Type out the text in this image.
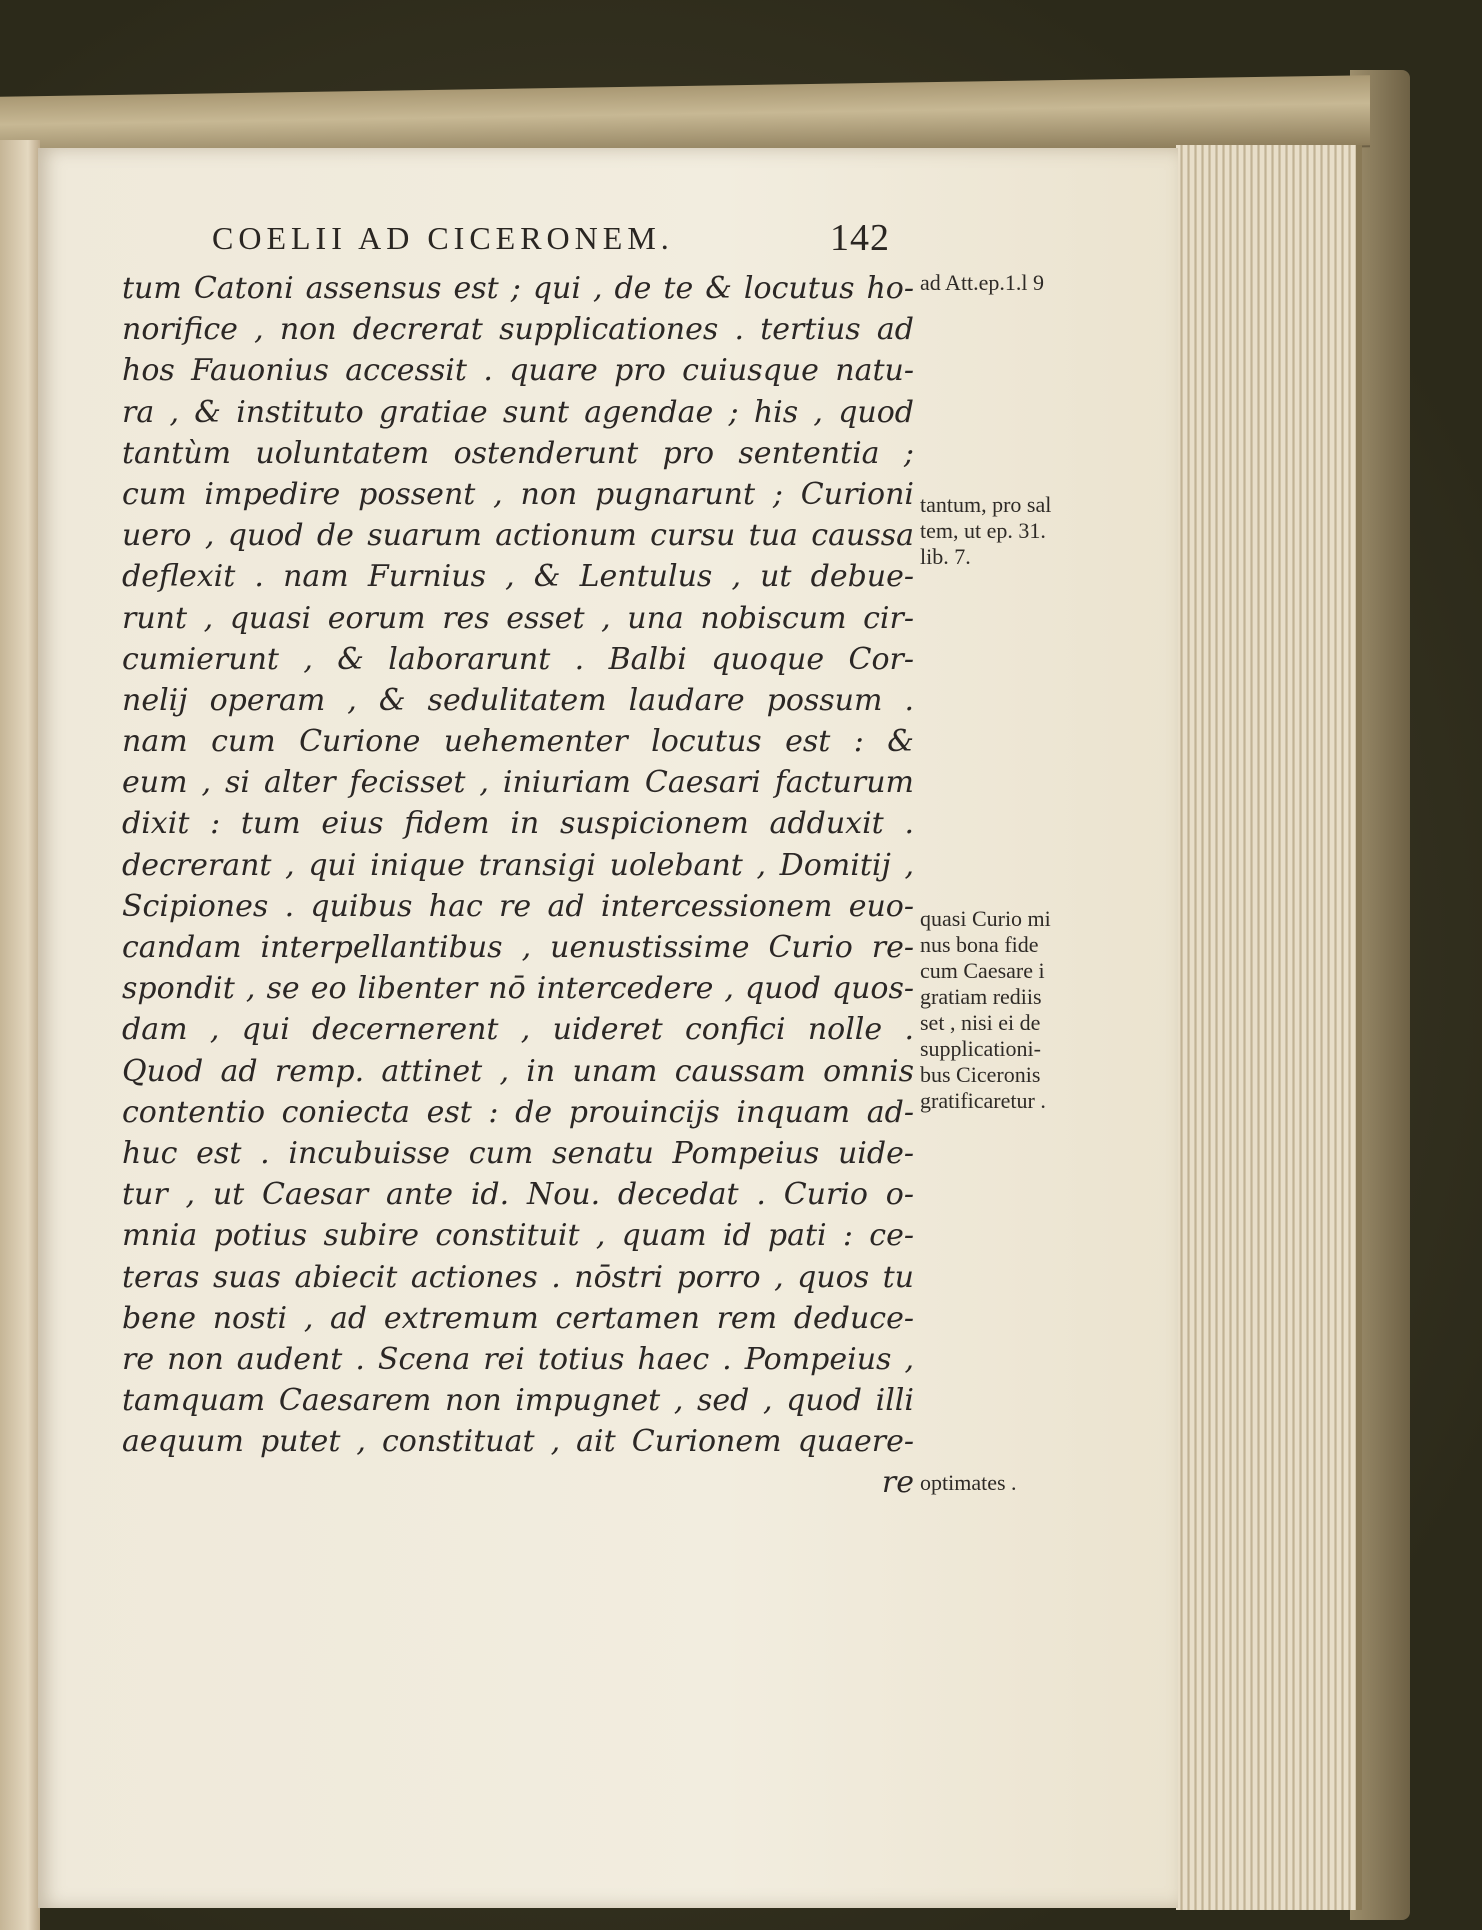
COELII AD CICERONEM.	142
tum Catoni assensus est ; qui , de te & locutus ho-
norifice , non decrerat supplicationes . tertius ad
hos Fauonius accessit . quare pro cuiusque natu-
ra , & instituto gratiae sunt agendae ; his , quod
tantùm uoluntatem ostenderunt pro sententia ;
cum impedire possent , non pugnarunt ; Curioni
uero , quod de suarum actionum cursu tua caussa
deflexit . nam Furnius , & Lentulus , ut debue-
runt , quasi eorum res esset , una nobiscum cir-
cumierunt , & laborarunt . Balbi quoque Cor-
nelij operam , & sedulitatem laudare possum .
nam cum Curione uehementer locutus est : &
eum , si alter fecisset , iniuriam Caesari facturum
dixit : tum eius fidem in suspicionem adduxit .
decrerant , qui inique transigi uolebant , Domitij ,
Scipiones . quibus hac re ad intercessionem euo-
candam interpellantibus , uenustissime Curio re-
spondit , se eo libenter nō intercedere , quod quos-
dam , qui decernerent , uideret confici nolle .
Quod ad remp. attinet , in unam caussam omnis
contentio coniecta est : de prouincijs inquam ad-
huc est . incubuisse cum senatu Pompeius uide-
tur , ut Caesar ante id. Nou. decedat . Curio o-
mnia potius subire constituit , quam id pati : ce-
teras suas abiecit actiones . nōstri porro , quos tu
bene nosti , ad extremum certamen rem deduce-
re non audent . Scena rei totius haec . Pompeius ,
tamquam Caesarem non impugnet , sed , quod illi
aequum putet , constituat , ait Curionem quaere-
re
ad Att.ep.1.l 9
tantum, pro sal
tem, ut ep. 31.
lib. 7.
quasi Curio mi
nus bona fide
cum Caesare i
gratiam rediis
set , nisi ei de
supplicationi-
bus Ciceronis
gratificaretur .
optimates .
